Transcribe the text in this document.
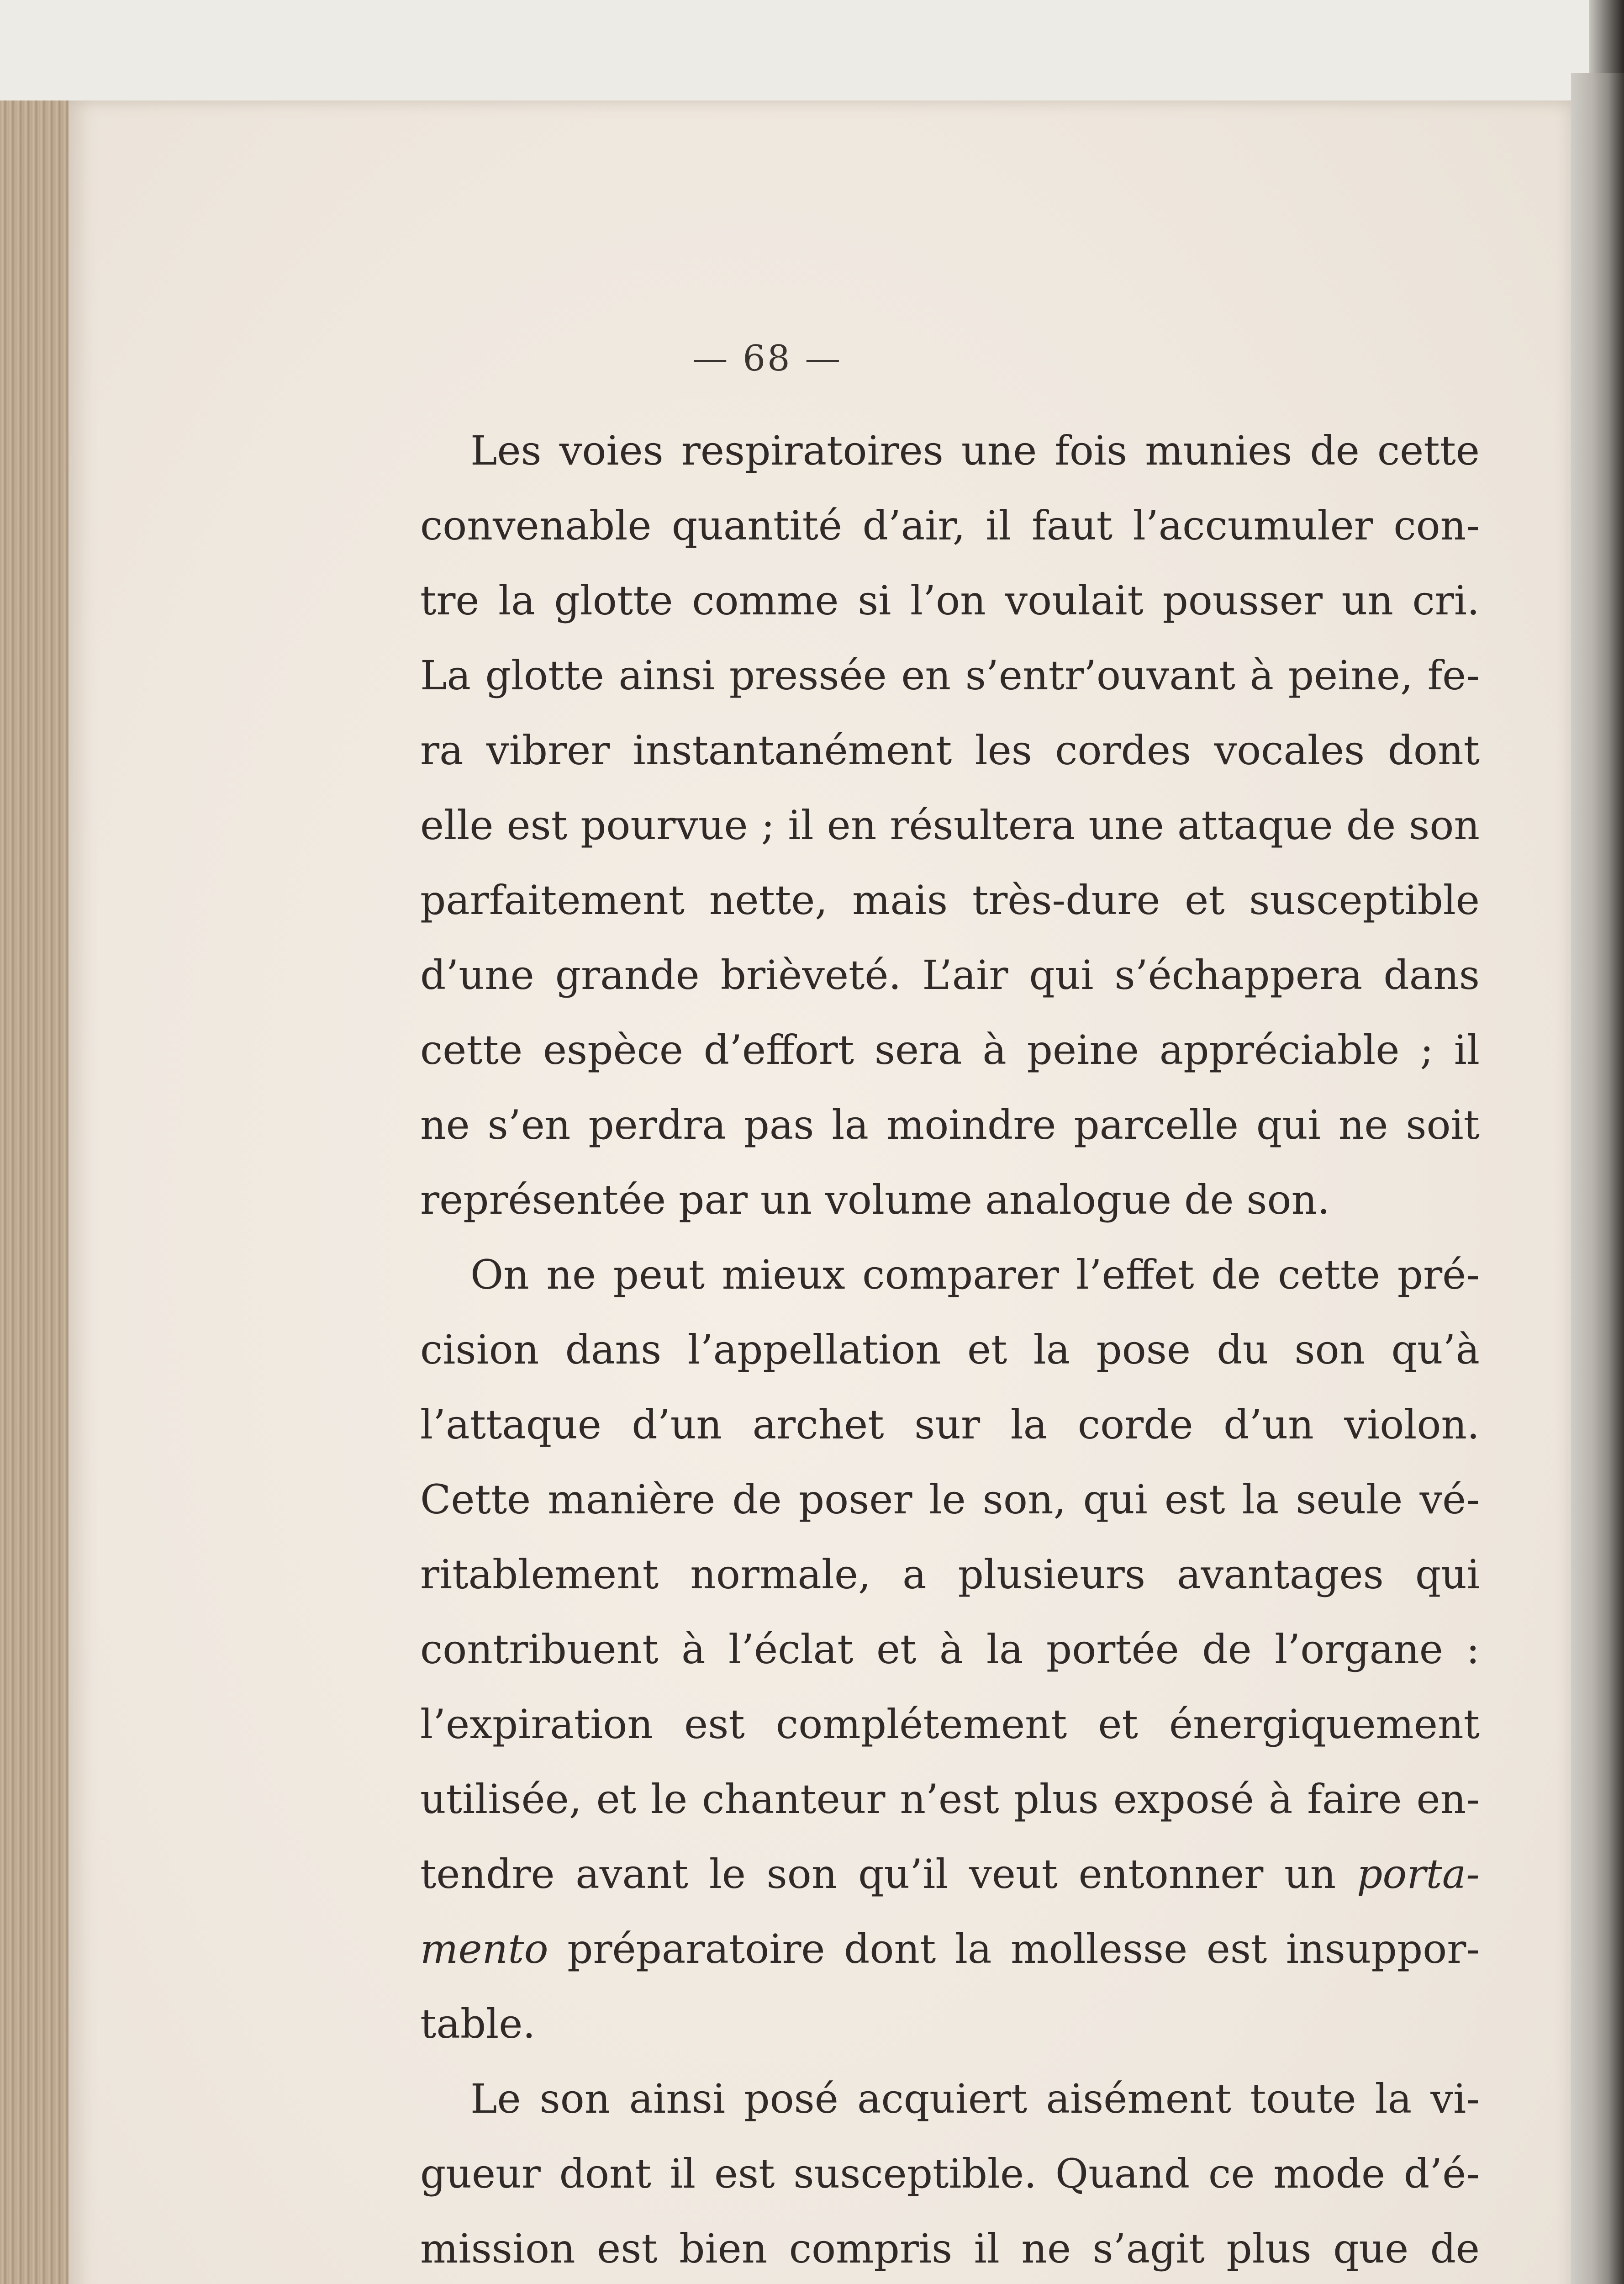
— 68 —
Les voies respiratoires une fois munies de cette
convenable quantité d’air, il faut l’accumuler con-
tre la glotte comme si l’on voulait pousser un cri.
La glotte ainsi pressée en s’entr’ouvant à peine, fe-
ra vibrer instantanément les cordes vocales dont
elle est pourvue ; il en résultera une attaque de son
parfaitement nette, mais très-dure et susceptible
d’une grande brièveté. L’air qui s’échappera dans
cette espèce d’effort sera à peine appréciable ; il
ne s’en perdra pas la moindre parcelle qui ne soit
représentée par un volume analogue de son.
On ne peut mieux comparer l’effet de cette pré-
cision dans l’appellation et la pose du son qu’à
l’attaque d’un archet sur la corde d’un violon.
Cette manière de poser le son, qui est la seule vé-
ritablement normale, a plusieurs avantages qui
contribuent à l’éclat et à la portée de l’organe :
l’expiration est complétement et énergiquement
utilisée, et le chanteur n’est plus exposé à faire en-
tendre avant le son qu’il veut entonner un porta-
mento préparatoire dont la mollesse est insuppor-
table.
Le son ainsi posé acquiert aisément toute la vi-
gueur dont il est susceptible. Quand ce mode d’é-
mission est bien compris il ne s’agit plus que de
